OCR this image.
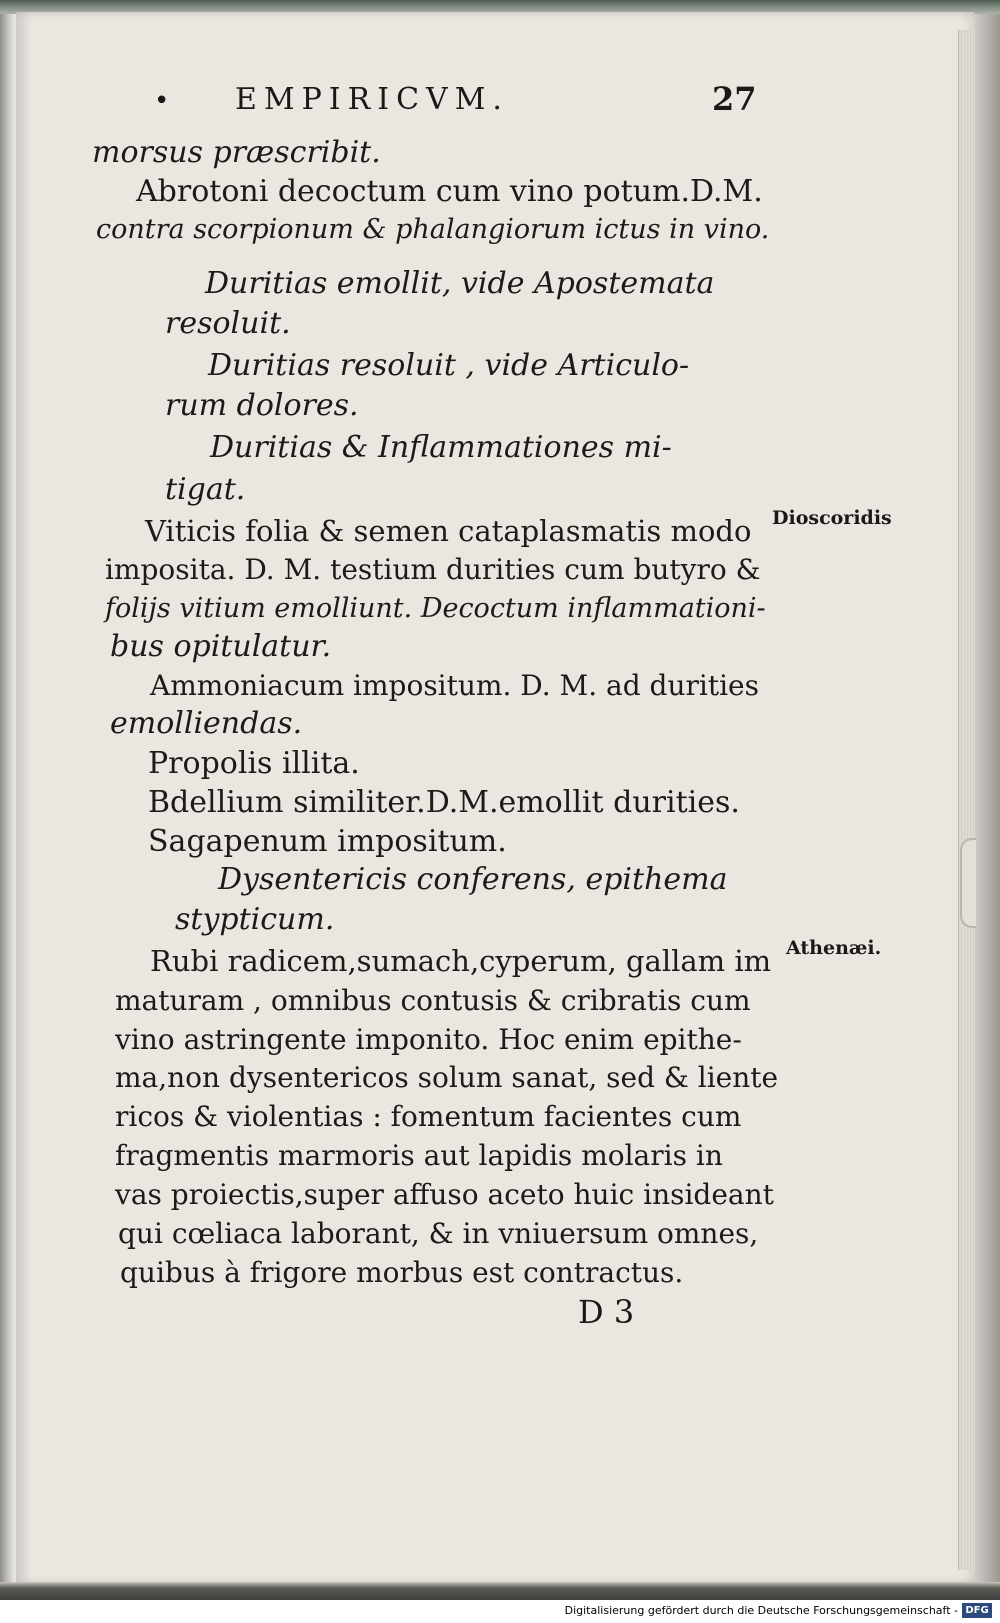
• EMPIRICVM.	27

morsus præscribit.

Abrotoni decoctum cum vino potum.D.M.

contra scorpionum & phalangiorum ictus in vino.

Duritias emollit, vide Apostemata

resoluit.

Duritias resoluit , vide Articulo-

rum dolores.

Duritias & Inflammationes mi-

tigat.

Viticis folia & semen cataplasmatis modo

imposita. D. M. testium durities cum butyro &

folijs vitium emolliunt. Decoctum inflammationi-

bus opitulatur.

Ammoniacum impositum. D. M. ad durities

emolliendas.

Propolis illita.

Bdellium similiter.D.M.emollit durities.

Sagapenum impositum.

Dysentericis conferens, epithema

stypticum.

Rubi radicem,sumach,cyperum, gallam im

maturam , omnibus contusis & cribratis cum

vino astringente imponito. Hoc enim epithe-

ma,non dysentericos solum sanat, sed & liente

ricos & violentias : fomentum facientes cum

fragmentis marmoris aut lapidis molaris in

vas proiectis,super affuso aceto huic insideant

qui cœliaca laborant, & in vniuersum omnes,

quibus à frigore morbus est contractus.

Dioscoridis
Athenæi.
D 3
Digitalisierung gefördert durch die Deutsche Forschungsgemeinschaft - DFG
